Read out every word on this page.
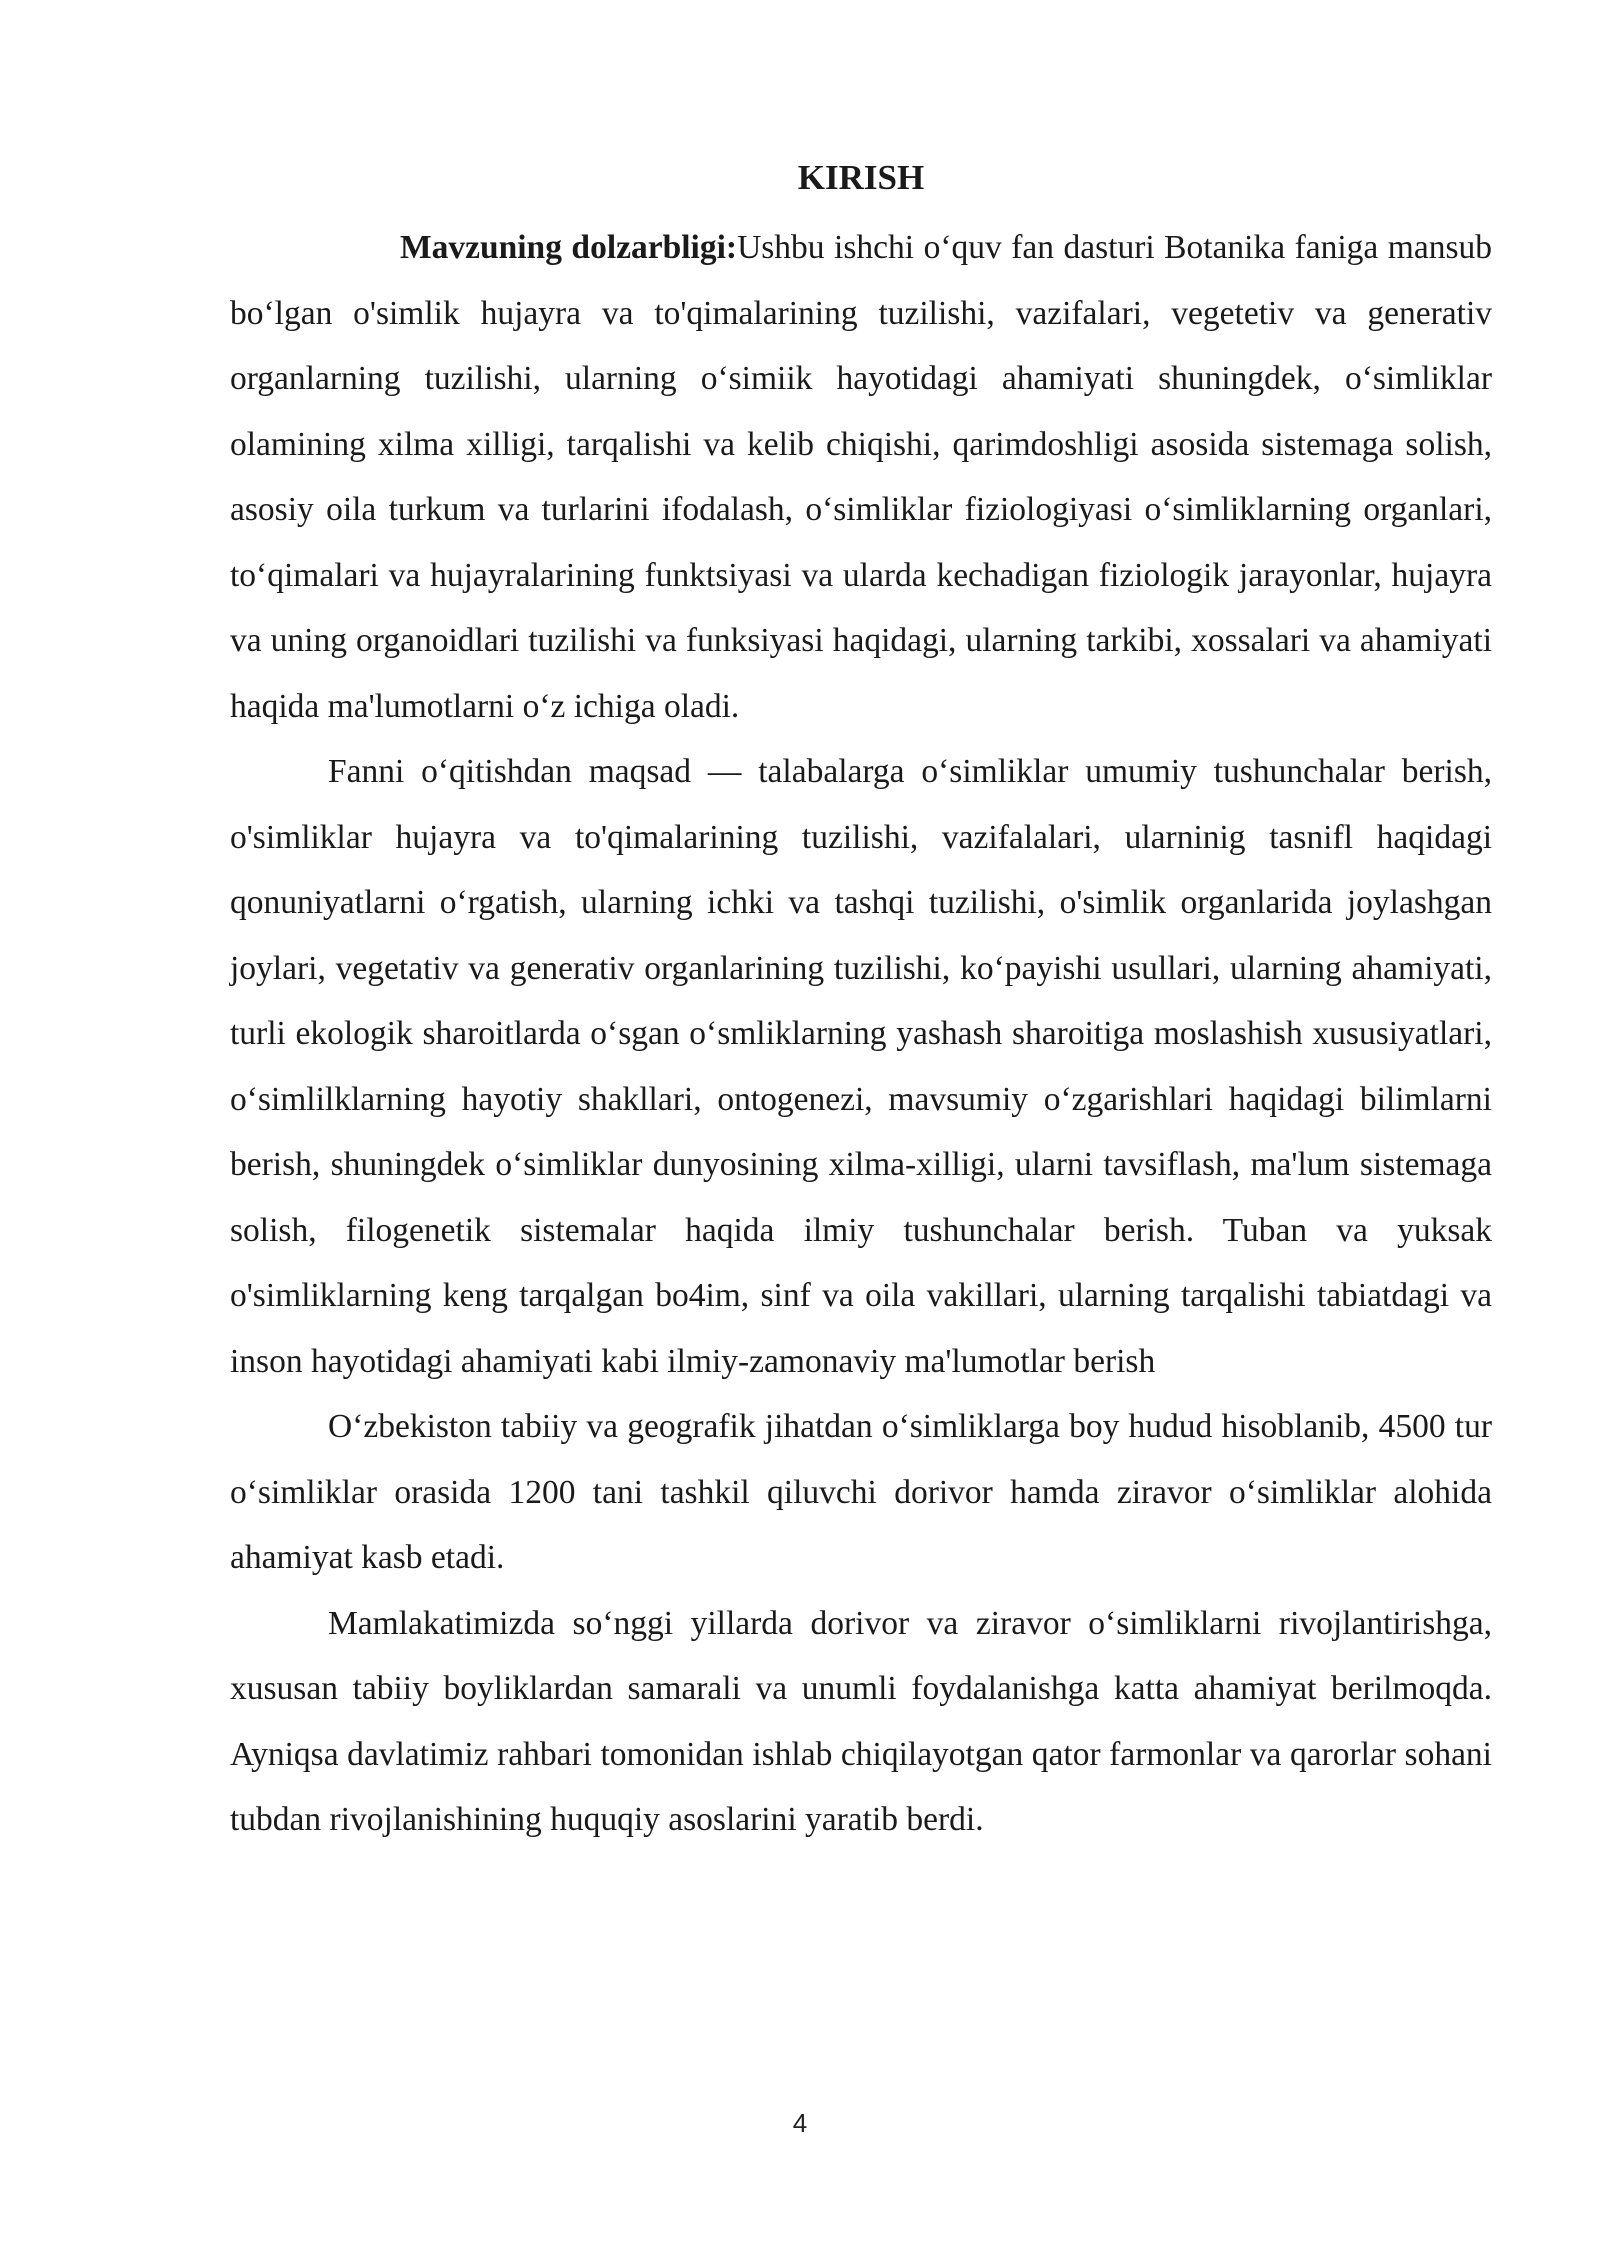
KIRISH

Mavzuning dolzarbligi:Ushbu ishchi o‘quv fan dasturi Botanika faniga mansub bo‘lgan o'simlik hujayra va to'qimalarining tuzilishi, vazifalari, vegetetiv va generativ organlarning tuzilishi, ularning o‘simiik hayotidagi ahamiyati shuningdek, o‘simliklar olamining xilma xilligi, tarqalishi va kelib chiqishi, qarimdoshligi asosida sistemaga solish, asosiy oila turkum va turlarini ifodalash, o‘simliklar fiziologiyasi o‘simliklarning organlari, to‘qimalari va hujayralarining funktsiyasi va ularda kechadigan fiziologik jarayonlar, hujayra va uning organoidlari tuzilishi va funksiyasi haqidagi, ularning tarkibi, xossalari va ahamiyati haqida ma'lumotlarni o‘z ichiga oladi.

Fanni o‘qitishdan maqsad — talabalarga o‘simliklar umumiy tushunchalar berish, o'simliklar hujayra va to'qimalarining tuzilishi, vazifalalari, ularninig tasnifl haqidagi qonuniyatlarni o‘rgatish, ularning ichki va tashqi tuzilishi, o'simlik organlarida joylashgan joylari, vegetativ va generativ organlarining tuzilishi, ko‘payishi usullari, ularning ahamiyati, turli ekologik sharoitlarda o‘sgan o‘smliklarning yashash sharoitiga moslashish xususiyatlari, o‘simlilklarning hayotiy shakllari, ontogenezi, mavsumiy o‘zgarishlari haqidagi bilimlarni berish, shuningdek o‘simliklar dunyosining xilma-xilligi, ularni tavsiflash, ma'lum sistemaga solish, filogenetik sistemalar haqida ilmiy tushunchalar berish. Tuban va yuksak o'simliklarning keng tarqalgan bo4im, sinf va oila vakillari, ularning tarqalishi tabiatdagi va inson hayotidagi ahamiyati kabi ilmiy-zamonaviy ma'lumotlar berish

O‘zbekiston tabiiy va geografik jihatdan o‘simliklarga boy hudud hisoblanib, 4500 tur o‘simliklar orasida 1200 tani tashkil qiluvchi dorivor hamda ziravor o‘simliklar alohida ahamiyat kasb etadi.

Mamlakatimizda so‘nggi yillarda dorivor va ziravor o‘simliklarni rivojlantirishga, xususan tabiiy boyliklardan samarali va unumli foydalanishga katta ahamiyat berilmoqda. Ayniqsa davlatimiz rahbari tomonidan ishlab chiqilayotgan qator farmonlar va qarorlar sohani tubdan rivojlanishining huquqiy asoslarini yaratib berdi.

4
